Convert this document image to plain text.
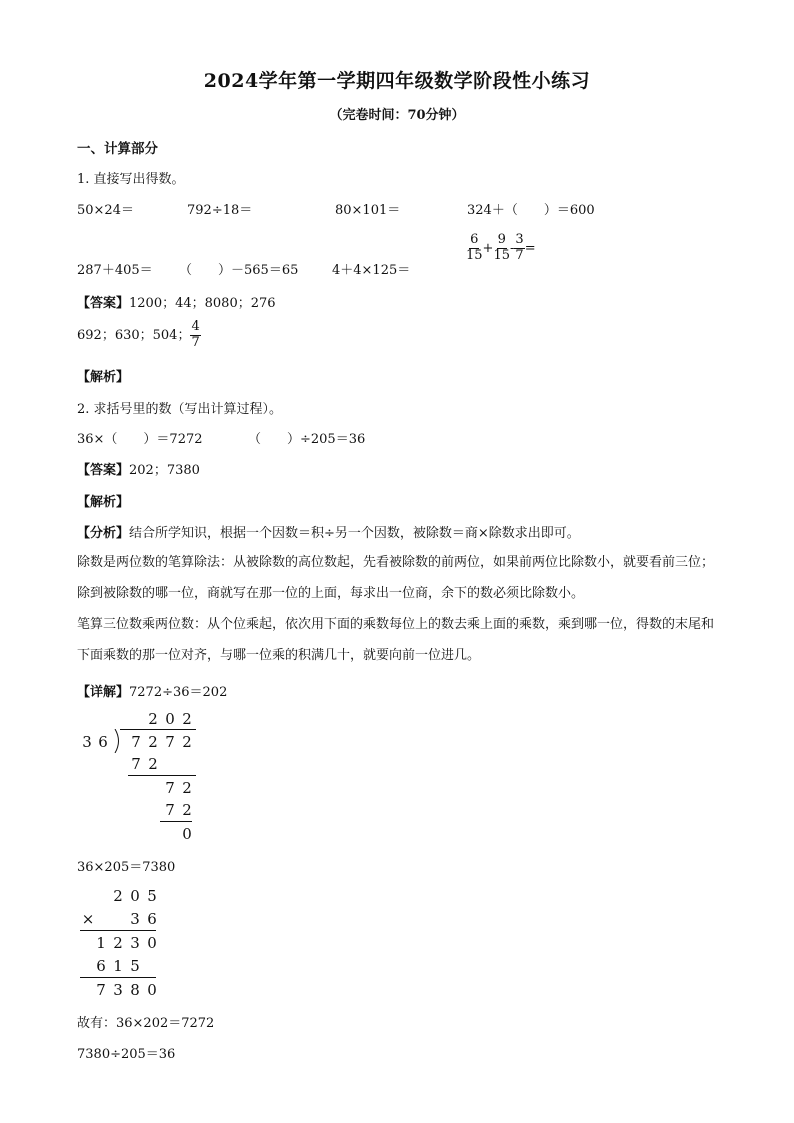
2024学年第一学期四年级数学阶段性小练习
（完卷时间：70分钟）
一、计算部分
1. 直接写出得数。
50×24＝	792÷18＝	80×101＝	324＋（　　）＝600
287＋405＝ （　　）－565＝65	4＋4×125＝
$\frac{6}{15} + \frac{9}{15} - \frac{3}{7}$ =
【答案】1200；44；8080；276
692；630；504； $\frac{4}{7}$
【解析】
2. 求括号里的数（写出计算过程）。
36×（　　）＝7272	（　　）÷205＝36
【答案】202；7380
【解析】
【分析】结合所学知识，根据一个因数＝积÷另一个因数，被除数＝商×除数求出即可。
除数是两位数的笔算除法：从被除数的高位数起，先看被除数的前两位，如果前两位比除数小，就要看前三位；除到被除数的哪一位，商就写在那一位的上面，每求出一位商，余下的数必须比除数小。
笔算三位数乘两位数：从个位乘起，依次用下面的乘数每位上的数去乘上面的乘数，乘到哪一位，得数的末尾和下面乘数的那一位对齐，与哪一位乘的积满几十，就要向前一位进几。
【详解】7272÷36＝202
2 0 2
3 6 7 2 7 2
7 2
7 2
7 2
0
36×205＝7380
2 0 5
× 3 6
1 2 3 0
6 1 5
7 3 8 0
故有：36×202＝7272
7380÷205＝36
